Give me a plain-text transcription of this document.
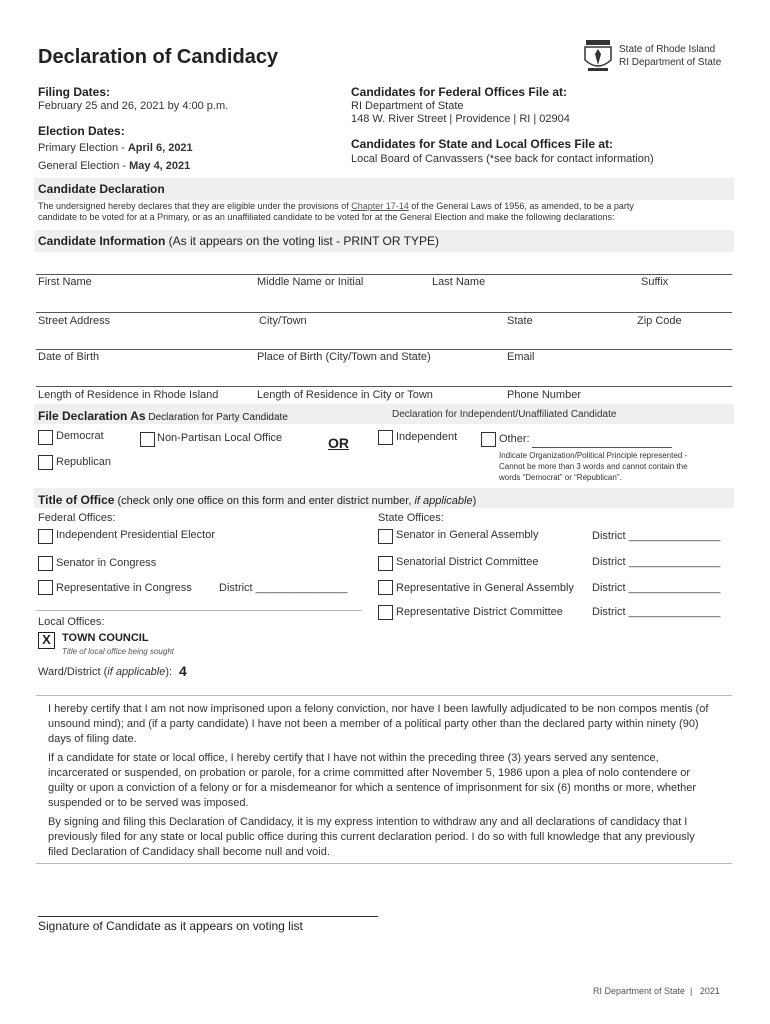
Declaration of Candidacy	State of Rhode Island
RI Department of State
Filing Dates:
February 25 and 26, 2021 by 4:00 p.m.
Election Dates:
Primary Election - April 6, 2021
General Election - May 4, 2021
Candidates for Federal Offices File at:
RI Department of State
148 W. River Street | Providence | RI | 02904
Candidates for State and Local Offices File at:
Local Board of Canvassers (*see back for contact information)
Candidate Declaration
The undersigned hereby declares that they are eligible under the provisions of Chapter 17-14 of the General Laws of 1956, as amended, to be a party
candidate to be voted for at a Primary, or as an unaffiliated candidate to be voted for at the General Election and make the following declarations:
Candidate Information (As it appears on the voting list - PRINT OR TYPE)
First Name	Middle Name or Initial	Last Name	Suffix
Street Address	City/Town	State	Zip Code
Date of Birth	Place of Birth (City/Town and State)	Email
Length of Residence in Rhode Island	Length of Residence in City or Town	Phone Number
File Declaration As Declaration for Party Candidate	Declaration for Independent/Unaffiliated Candidate
Democrat	Non-Partisan Local Office	OR	Independent	Other:
Republican
Indicate Organization/Political Principle represented -
Cannot be more than 3 words and cannot contain the
words “Democrat” or “Republican”.
Title of Office (check only one office on this form and enter district number, if applicable)
Federal Offices:	State Offices:
Independent Presidential Elector
Senator in Congress
Representative in Congress District _______________
Senator in General Assembly	District _______________
Senatorial District Committee	District _______________
Representative in General Assembly District _______________
Representative District Committee	District _______________
Local Offices:
X	TOWN COUNCIL
Title of local office being sought
Ward/District (if applicable): 4
I hereby certify that I am not now imprisoned upon a felony conviction, nor have I been lawfully adjudicated to be non compos mentis (of unsound mind); and (if a party candidate) I have not been a member of a political party other than the declared party within ninety (90) days of filing date.
If a candidate for state or local office, I hereby certify that I have not within the preceding three (3) years served any sentence, incarcerated or suspended, on probation or parole, for a crime committed after November 5, 1986 upon a plea of nolo contendere or guilty or upon a conviction of a felony or for a misdemeanor for which a sentence of imprisonment for six (6) months or more, whether suspended or to be served was imposed.
By signing and filing this Declaration of Candidacy, it is my express intention to withdraw any and all declarations of candidacy that I previously filed for any state or local public office during this current declaration period. I do so with full knowledge that any previously filed Declaration of Candidacy shall become null and void.
Signature of Candidate as it appears on voting list
RI Department of State  |   2021
